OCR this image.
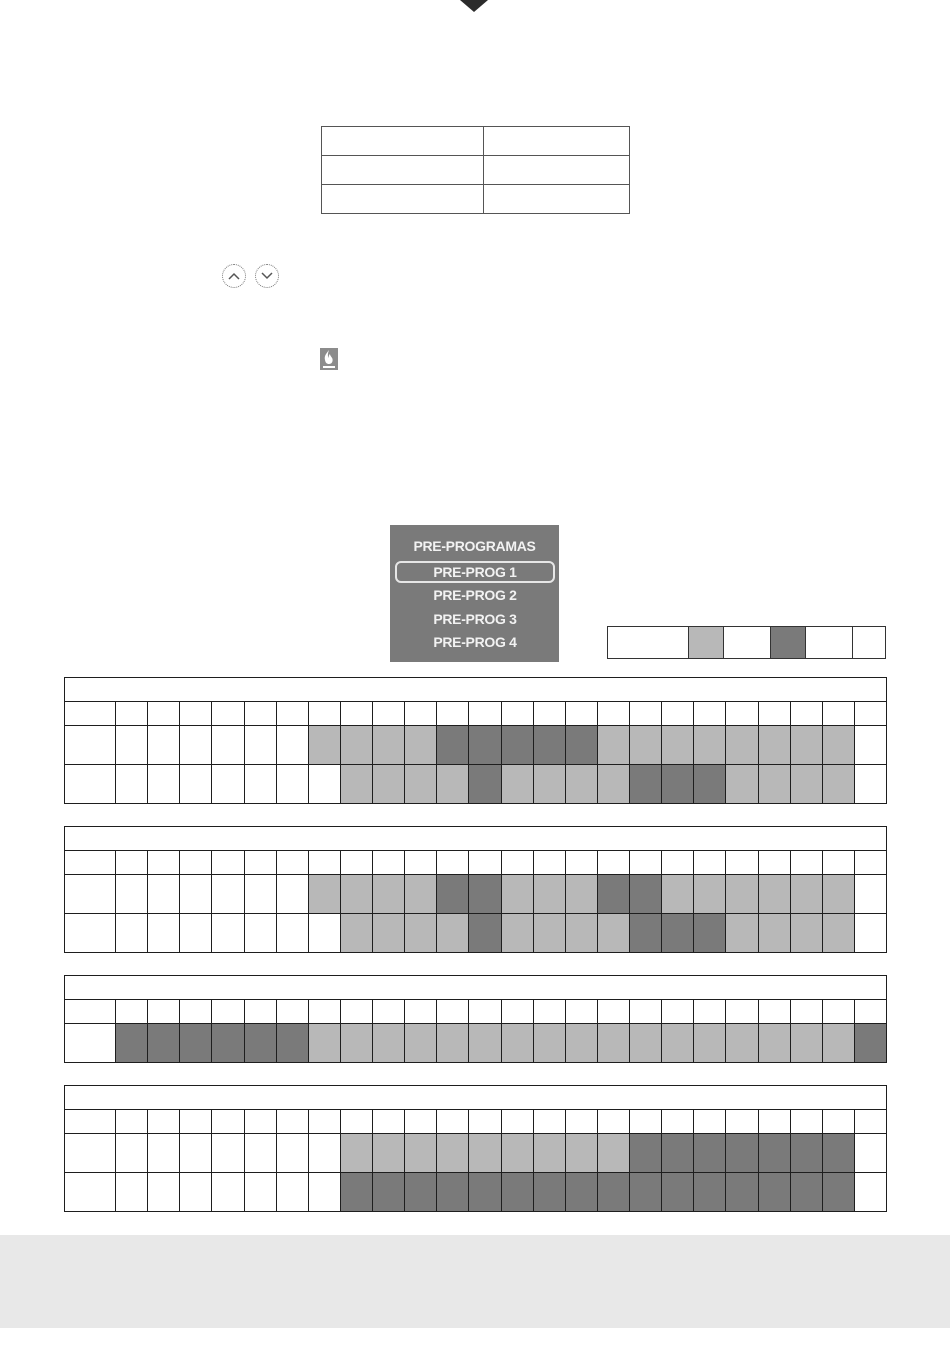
PRE-PROGRAMAS
PRE-PROG 1
PRE-PROG 2
PRE-PROG 3
PRE-PROG 4
